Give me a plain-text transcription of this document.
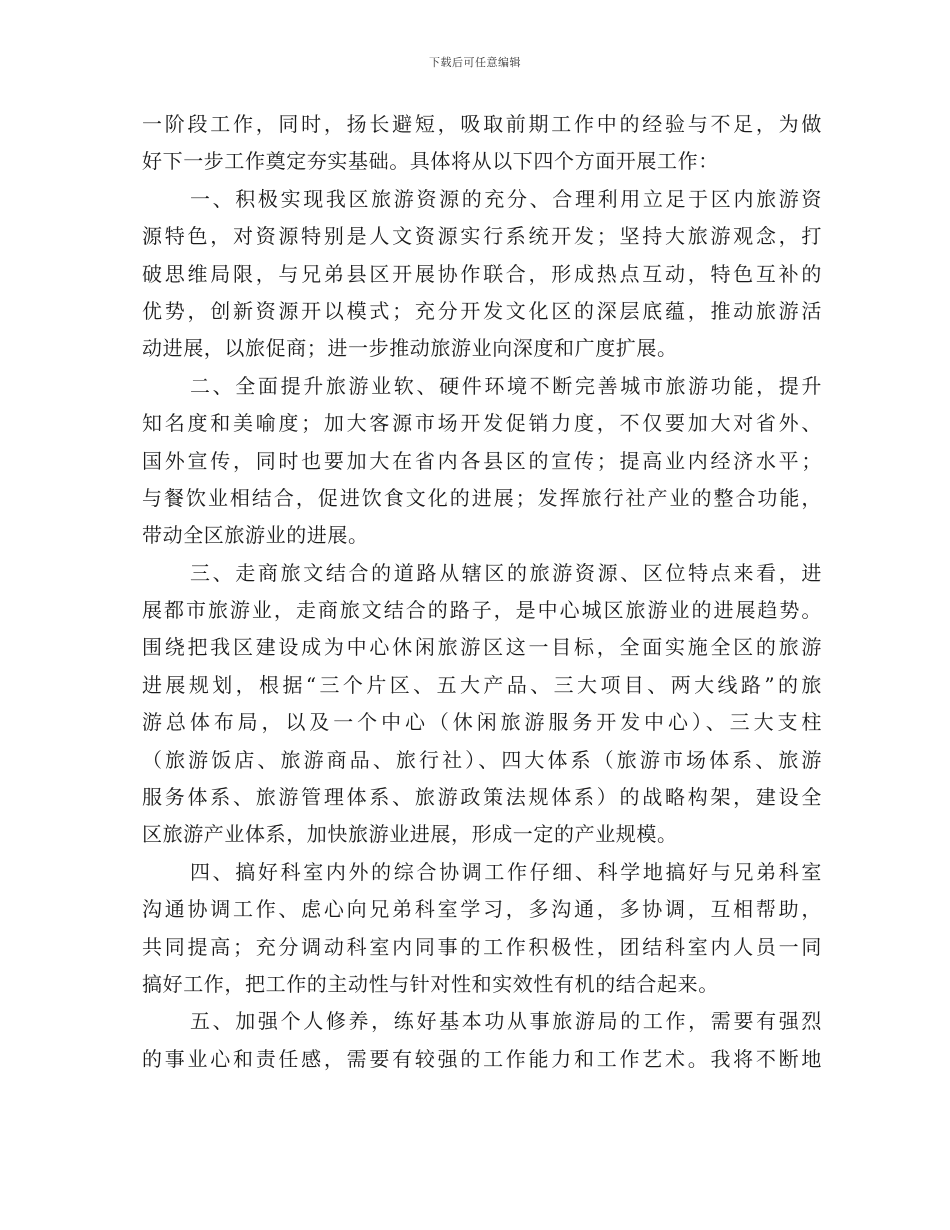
下载后可任意编辑
一阶段工作，同时，扬长避短，吸取前期工作中的经验与不足，为做
好下一步工作奠定夯实基础。具体将从以下四个方面开展工作：
一、积极实现我区旅游资源的充分、合理利用立足于区内旅游资
源特色，对资源特别是人文资源实行系统开发；坚持大旅游观念，打
破思维局限，与兄弟县区开展协作联合，形成热点互动，特色互补的
优势，创新资源开以模式；充分开发文化区的深层底蕴，推动旅游活
动进展，以旅促商；进一步推动旅游业向深度和广度扩展。
二、全面提升旅游业软、硬件环境不断完善城市旅游功能，提升
知名度和美喻度；加大客源市场开发促销力度，不仅要加大对省外、
国外宣传，同时也要加大在省内各县区的宣传；提高业内经济水平；
与餐饮业相结合，促进饮食文化的进展；发挥旅行社产业的整合功能，
带动全区旅游业的进展。
三、走商旅文结合的道路从辖区的旅游资源、区位特点来看，进
展都市旅游业，走商旅文结合的路子，是中心城区旅游业的进展趋势。
围绕把我区建设成为中心休闲旅游区这一目标，全面实施全区的旅游
进展规划，根据“三个片区、五大产品、三大项目、两大线路”的旅
游总体布局，以及一个中心（休闲旅游服务开发中心）、三大支柱
（旅游饭店、旅游商品、旅行社）、四大体系（旅游市场体系、旅游
服务体系、旅游管理体系、旅游政策法规体系）的战略构架，建设全
区旅游产业体系，加快旅游业进展，形成一定的产业规模。
四、搞好科室内外的综合协调工作仔细、科学地搞好与兄弟科室
沟通协调工作、虑心向兄弟科室学习，多沟通，多协调，互相帮助，
共同提高；充分调动科室内同事的工作积极性，团结科室内人员一同
搞好工作，把工作的主动性与针对性和实效性有机的结合起来。
五、加强个人修养，练好基本功从事旅游局的工作，需要有强烈
的事业心和责任感，需要有较强的工作能力和工作艺术。我将不断地
